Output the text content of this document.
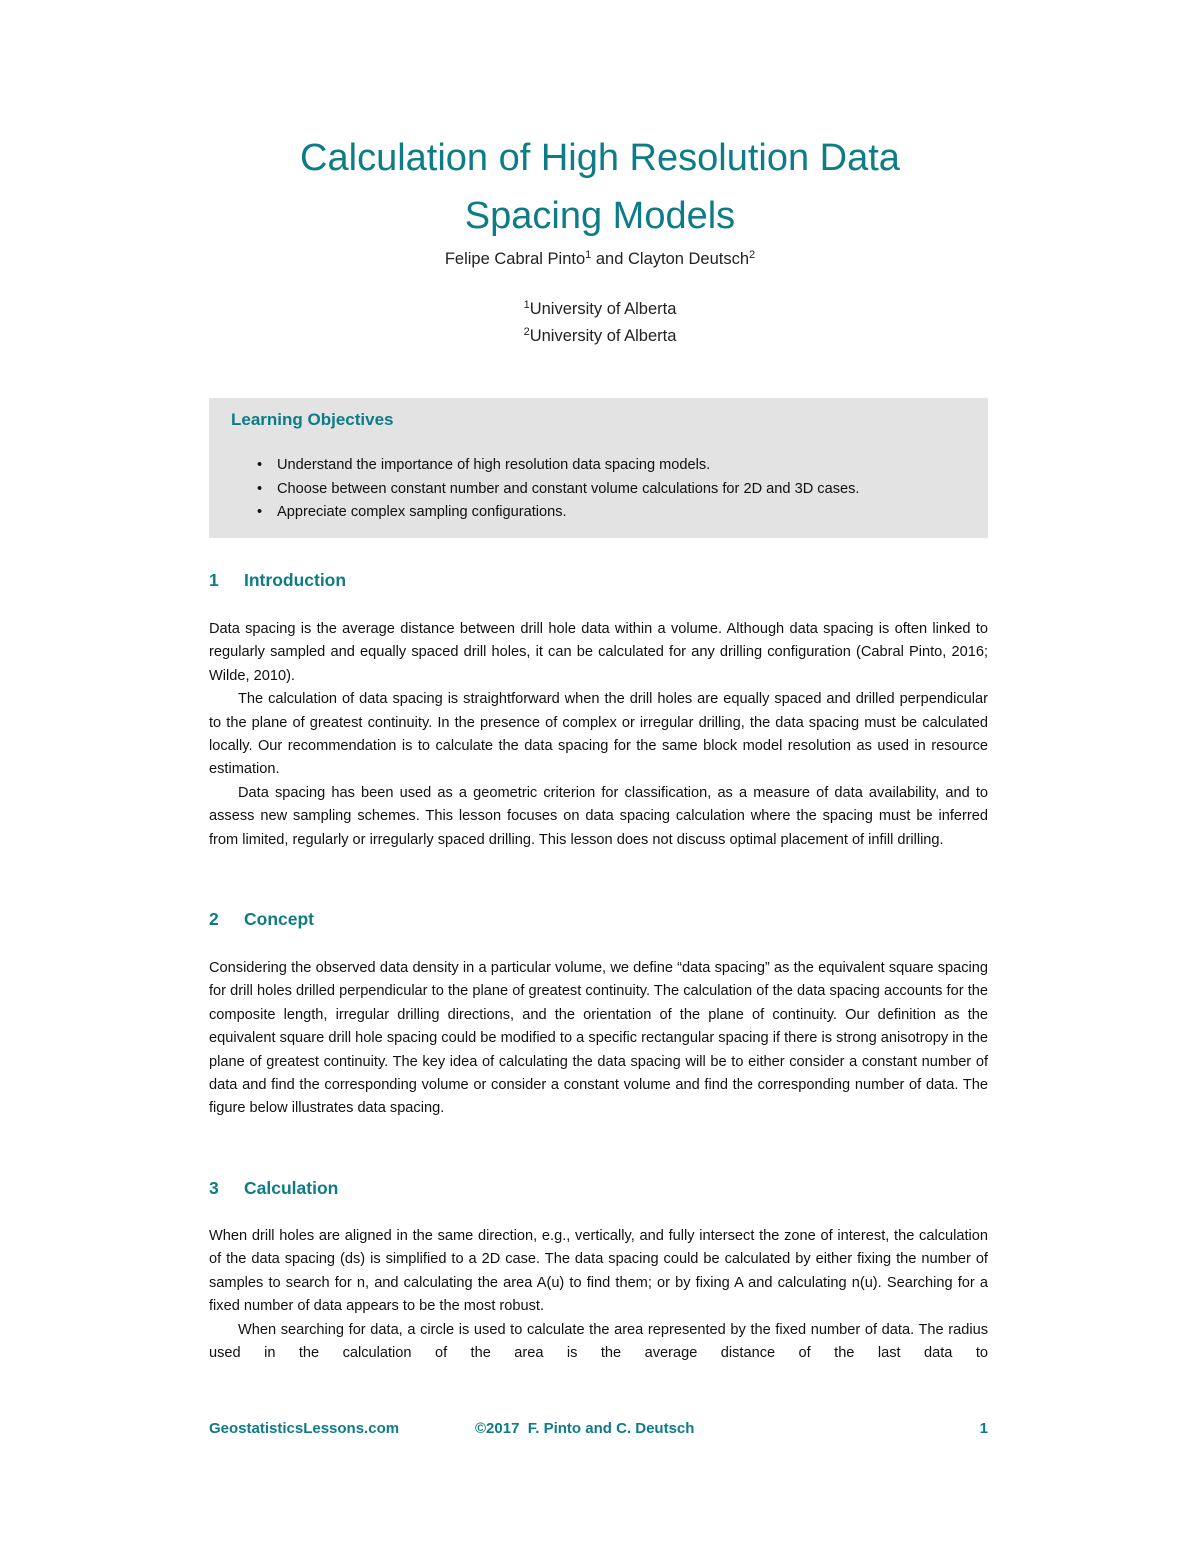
Calculation of High Resolution Data
Spacing Models
Felipe Cabral Pinto$^1$ and Clayton Deutsch$^2$
$^1$University of Alberta
$^2$University of Alberta
Learning Objectives
• Understand the importance of high resolution data spacing models.
• Choose between constant number and constant volume calculations for 2D and 3D cases.
• Appreciate complex sampling configurations.
1 Introduction

Data spacing is the average distance between drill hole data within a volume. Although data spacing is often linked to regularly sampled and equally spaced drill holes, it can be calculated for any drilling configuration (Cabral Pinto, 2016; Wilde, 2010).

The calculation of data spacing is straightforward when the drill holes are equally spaced and drilled perpendicular to the plane of greatest continuity. In the presence of complex or irregular drilling, the data spacing must be calculated locally. Our recommendation is to calculate the data spacing for the same block model resolution as used in resource estimation.

Data spacing has been used as a geometric criterion for classification, as a measure of data availability, and to assess new sampling schemes. This lesson focuses on data spacing calculation where the spacing must be inferred from limited, regularly or irregularly spaced drilling. This lesson does not discuss optimal placement of infill drilling.

2 Concept

Considering the observed data density in a particular volume, we define “data spacing” as the equivalent square spacing for drill holes drilled perpendicular to the plane of greatest continuity. The calculation of the data spacing accounts for the composite length, irregular drilling directions, and the orientation of the plane of continuity. Our definition as the equivalent square drill hole spacing could be modified to a specific rectangular spacing if there is strong anisotropy in the plane of greatest continuity. The key idea of calculating the data spacing will be to either consider a constant number of data and find the corresponding volume or consider a constant volume and find the corresponding number of data. The figure below illustrates data spacing.

3 Calculation

When drill holes are aligned in the same direction, e.g., vertically, and fully intersect the zone of interest, the calculation of the data spacing (ds) is simplified to a 2D case. The data spacing could be calculated by either fixing the number of samples to search for n, and calculating the area A(u) to find them; or by fixing A and calculating n(u). Searching for a fixed number of data appears to be the most robust.

When searching for data, a circle is used to calculate the area represented by the fixed number of data. The radius used in the calculation of the area is the average distance of the last data to

GeostatisticsLessons.com	©2017  F. Pinto and C. Deutsch	1
